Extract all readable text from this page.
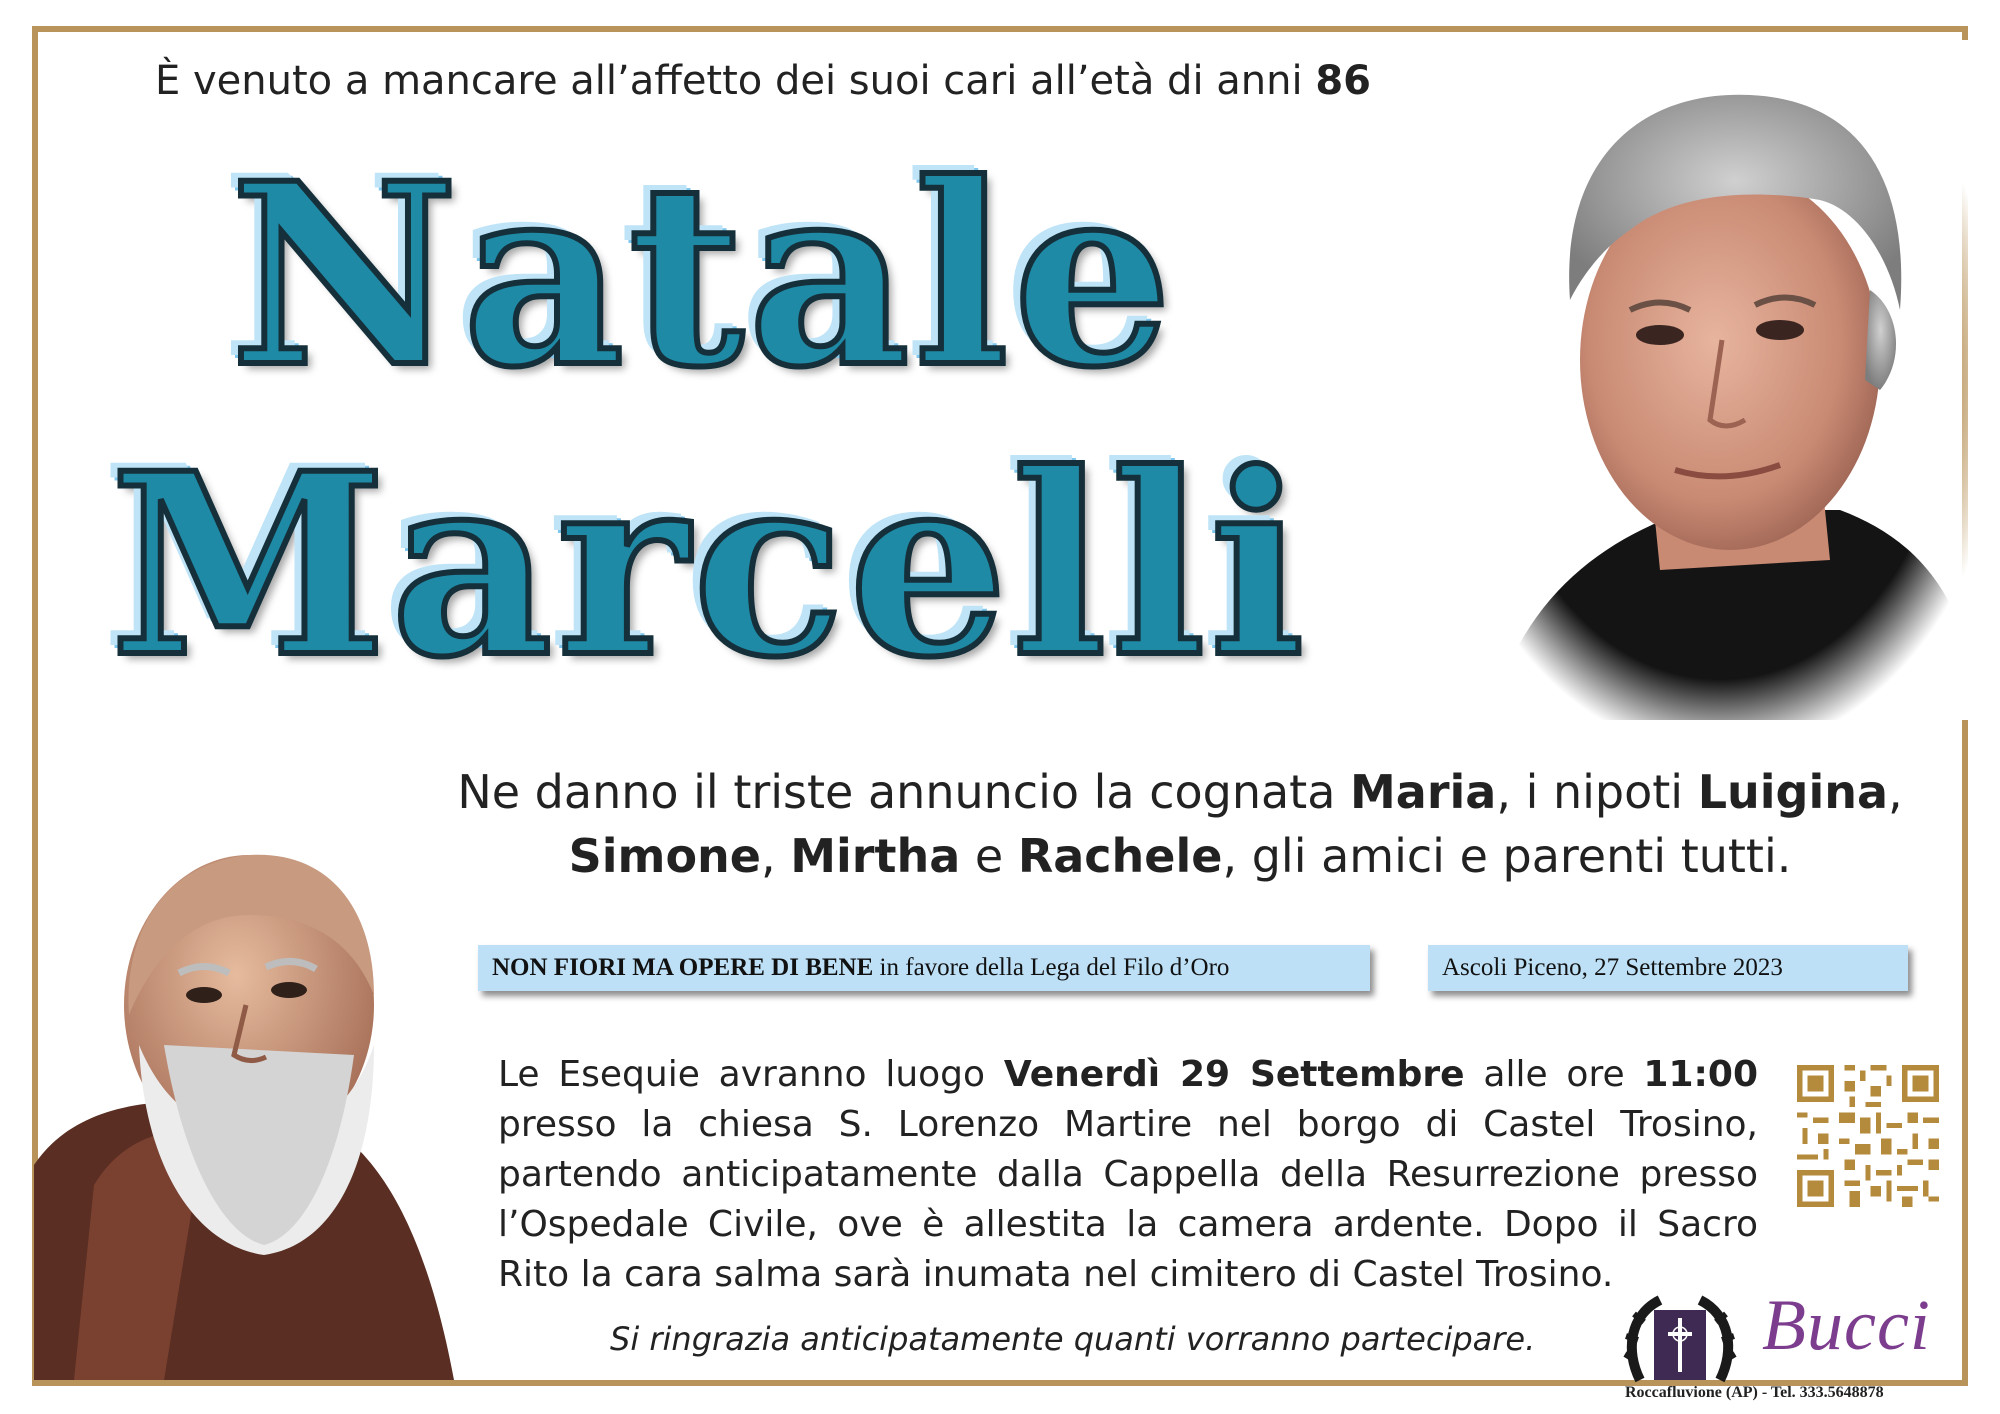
È venuto a mancare all’affetto dei suoi cari all’età di anni 86
Natale
Marcelli
Ne danno il triste annuncio la cognata Maria, i nipoti Luigina,
Simone, Mirtha e Rachele, gli amici e parenti tutti.
NON FIORI MA OPERE DI BENE
in favore della Lega del Filo d’Oro	Ascoli Piceno, 27 Settembre 2023
Le Esequie avranno luogo Venerdì 29 Settembre alle ore 11:00 presso la chiesa S. Lorenzo Martire nel borgo di Castel Trosino, partendo anticipatamente dalla Cappella della Resurrezione presso l’Ospedale Civile, ove è allestita la camera ardente. Dopo il Sacro Rito la cara salma sarà inumata nel cimitero di Castel Trosino.
Si ringrazia anticipatamente quanti vorranno partecipare.	Bucci
Roccafluvione (AP) - Tel. 333.5648878
